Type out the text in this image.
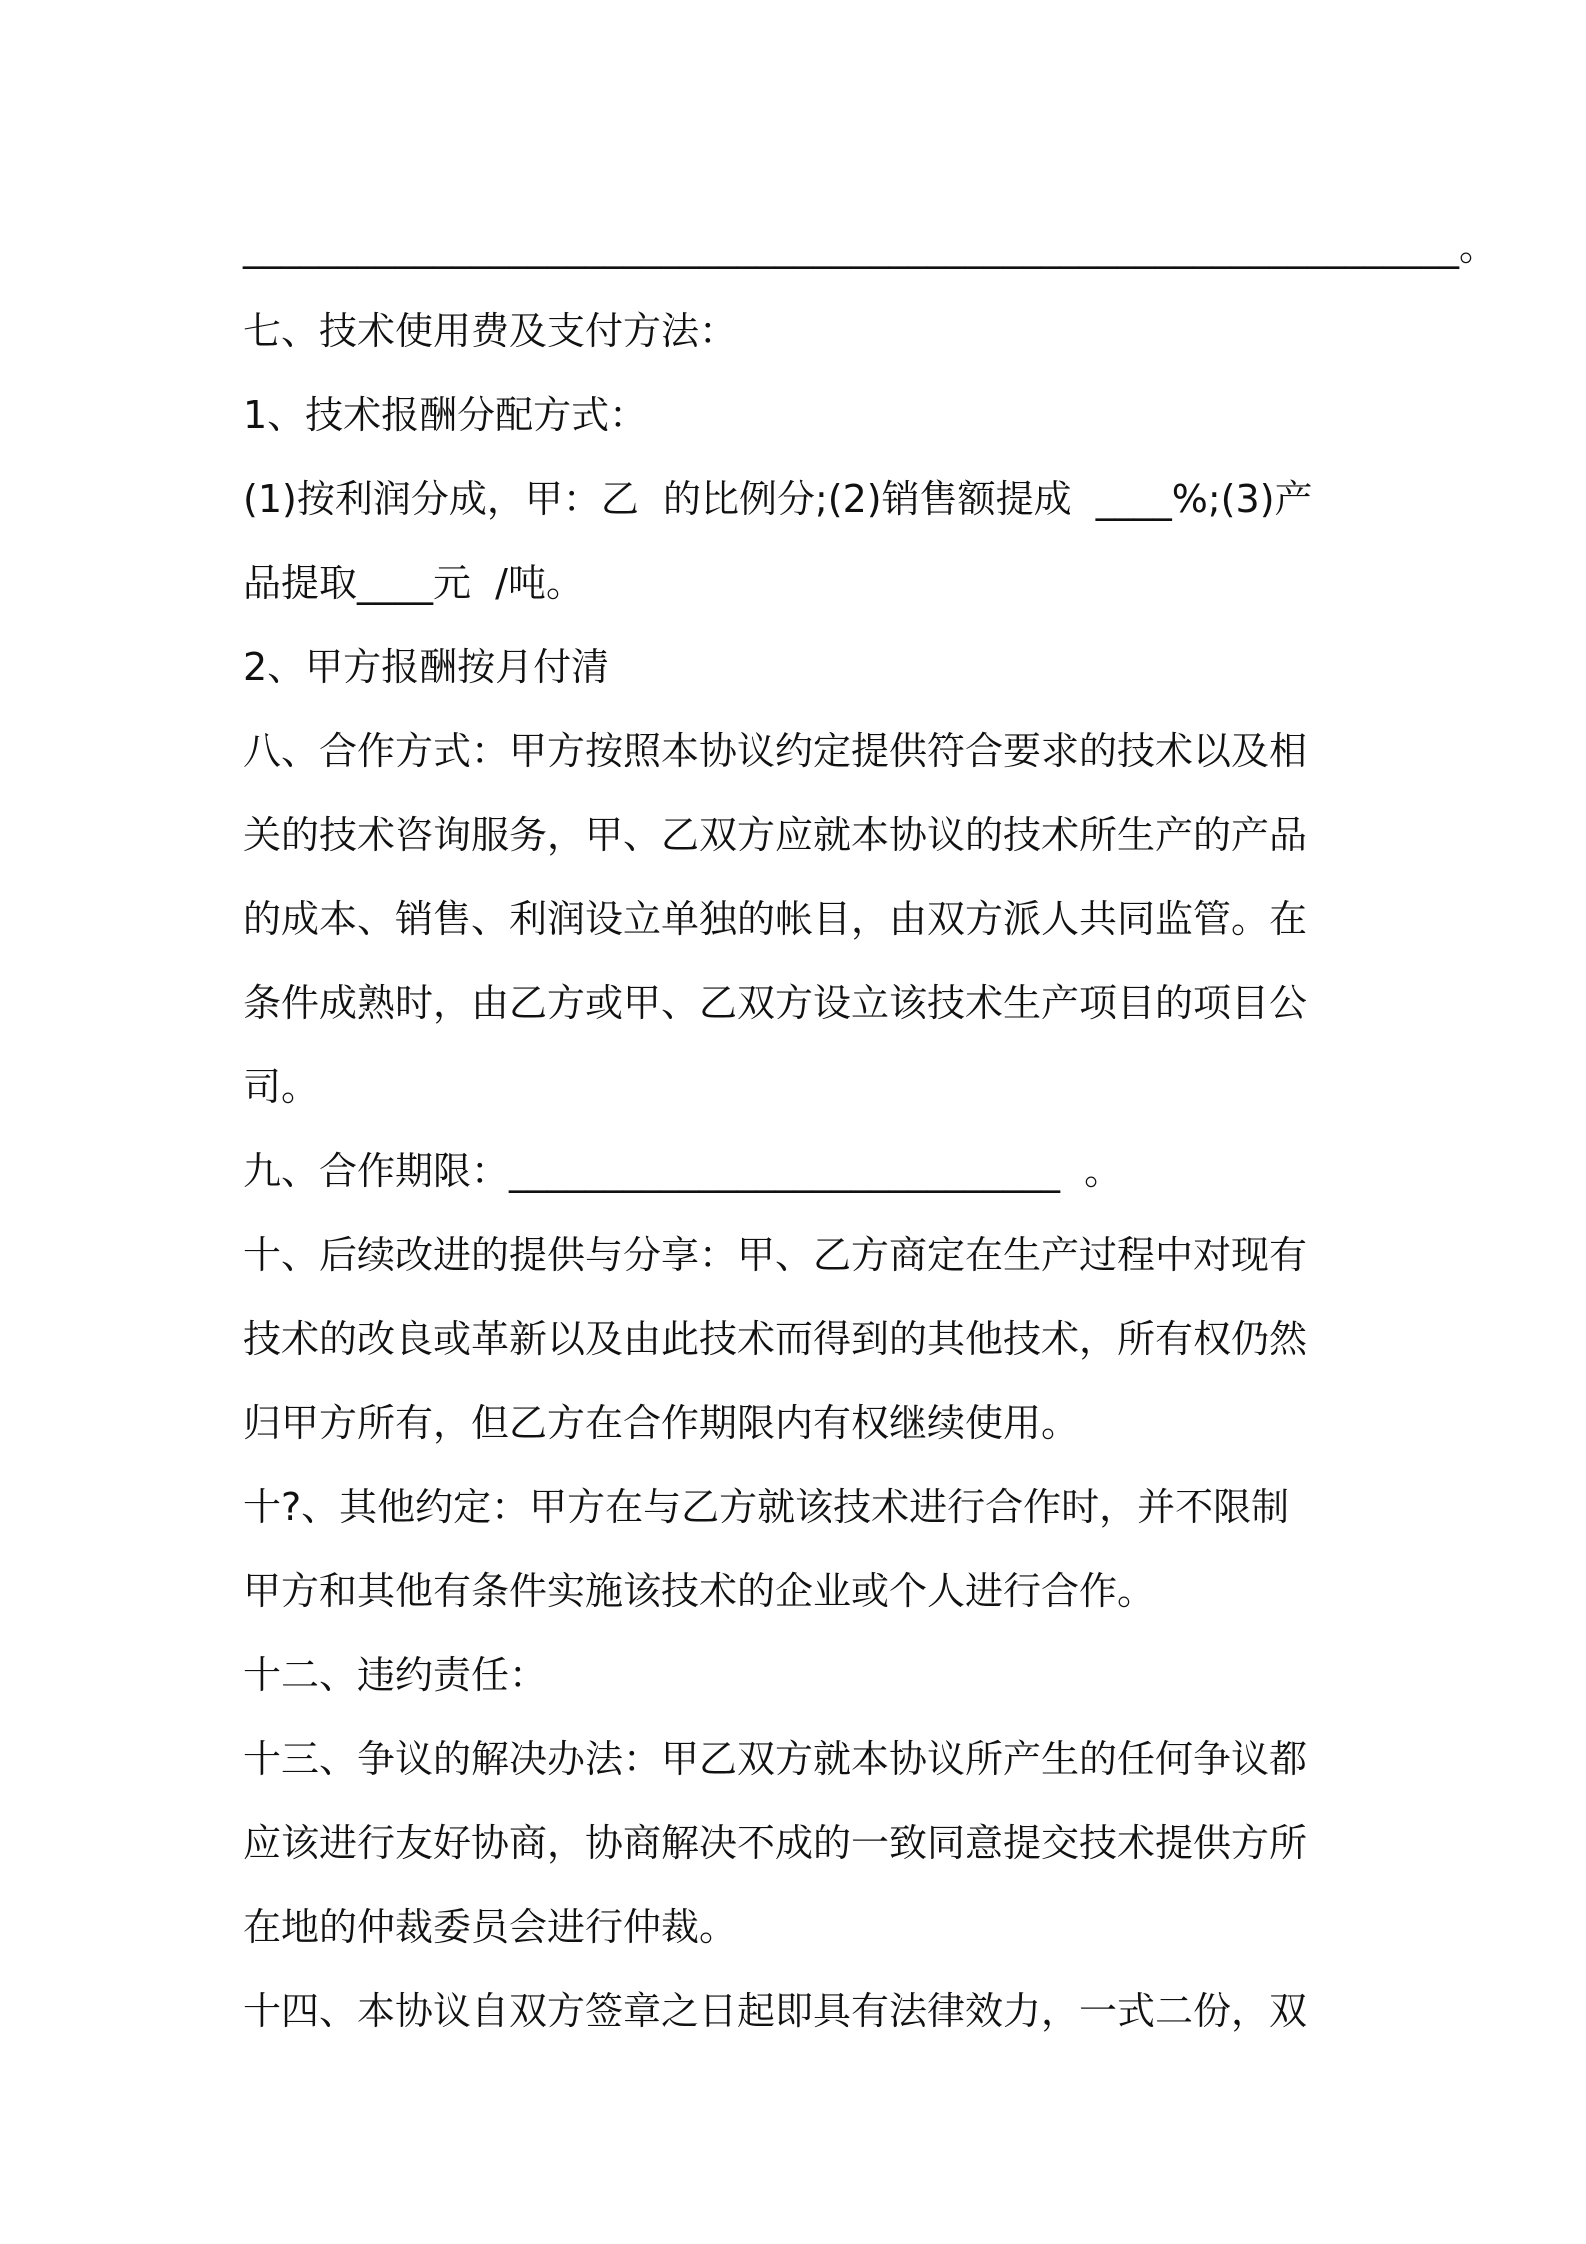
________________________________________________________________。

七、技术使用费及支付方法：

1、技术报酬分配方式：

(1)按利润分成，甲：乙  的比例分;(2)销售额提成  ____%;(3)产

品提取____元  /吨。

2、甲方报酬按月付清

八、合作方式：甲方按照本协议约定提供符合要求的技术以及相

关的技术咨询服务，甲、乙双方应就本协议的技术所生产的产品

的成本、销售、利润设立单独的帐目，由双方派人共同监管。在

条件成熟时，由乙方或甲、乙双方设立该技术生产项目的项目公

司。

九、合作期限：_____________________________  。

十、后续改进的提供与分享：甲、乙方商定在生产过程中对现有

技术的改良或革新以及由此技术而得到的其他技术，所有权仍然

归甲方所有，但乙方在合作期限内有权继续使用。

十?、其他约定：甲方在与乙方就该技术进行合作时，并不限制

甲方和其他有条件实施该技术的企业或个人进行合作。

十二、违约责任：

十三、争议的解决办法：甲乙双方就本协议所产生的任何争议都

应该进行友好协商，协商解决不成的一致同意提交技术提供方所

在地的仲裁委员会进行仲裁。

十四、本协议自双方签章之日起即具有法律效力，一式二份，双
